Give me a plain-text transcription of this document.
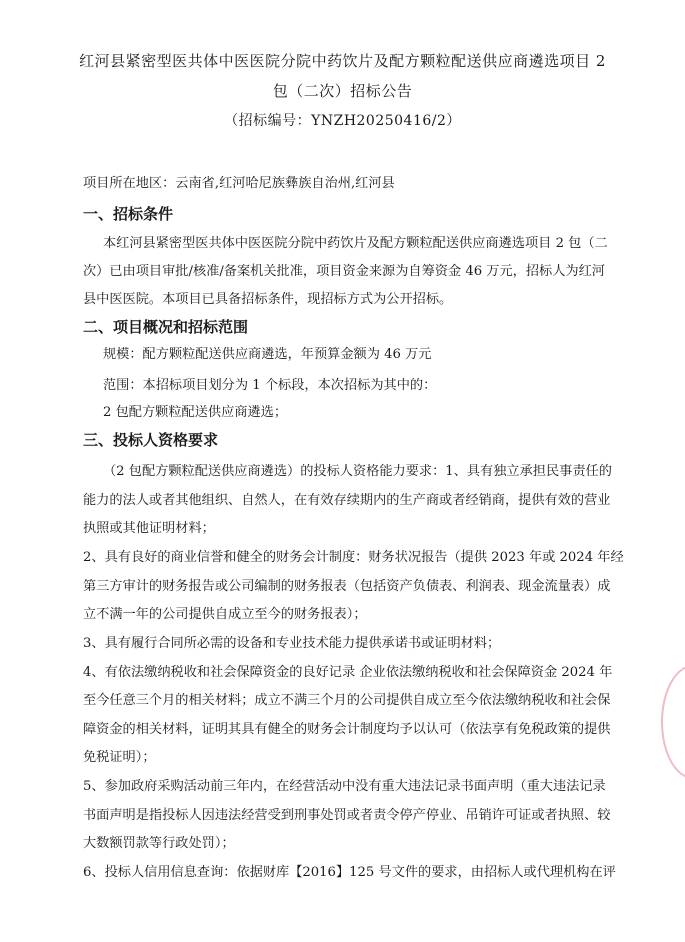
红河县紧密型医共体中医医院分院中药饮片及配方颗粒配送供应商遴选项目 2
包（二次）招标公告
（招标编号：YNZH20250416/2）
项目所在地区：云南省,红河哈尼族彝族自治州,红河县
一、招标条件
本红河县紧密型医共体中医医院分院中药饮片及配方颗粒配送供应商遴选项目 2 包（二
次）已由项目审批/核准/备案机关批准，项目资金来源为自筹资金 46 万元，招标人为红河
县中医医院。本项目已具备招标条件，现招标方式为公开招标。
二、项目概况和招标范围
规模：配方颗粒配送供应商遴选，年预算金额为 46 万元
范围：本招标项目划分为 1 个标段，本次招标为其中的：
2 包配方颗粒配送供应商遴选；
三、投标人资格要求
（2 包配方颗粒配送供应商遴选）的投标人资格能力要求：1、具有独立承担民事责任的
能力的法人或者其他组织、自然人，在有效存续期内的生产商或者经销商，提供有效的营业
执照或其他证明材料；
2、具有良好的商业信誉和健全的财务会计制度：财务状况报告（提供 2023 年或 2024 年经
第三方审计的财务报告或公司编制的财务报表（包括资产负债表、利润表、现金流量表）成
立不满一年的公司提供自成立至今的财务报表）；
3、具有履行合同所必需的设备和专业技术能力提供承诺书或证明材料；
4、有依法缴纳税收和社会保障资金的良好记录 企业依法缴纳税收和社会保障资金 2024 年
至今任意三个月的相关材料；成立不满三个月的公司提供自成立至今依法缴纳税收和社会保
障资金的相关材料，证明其具有健全的财务会计制度均予以认可（依法享有免税政策的提供
免税证明）；
5、参加政府采购活动前三年内，在经营活动中没有重大违法记录书面声明（重大违法记录
书面声明是指投标人因违法经营受到刑事处罚或者责令停产停业、吊销许可证或者执照、较
大数额罚款等行政处罚）；
6、投标人信用信息查询：依据财库【2016】125 号文件的要求，由招标人或代理机构在评
